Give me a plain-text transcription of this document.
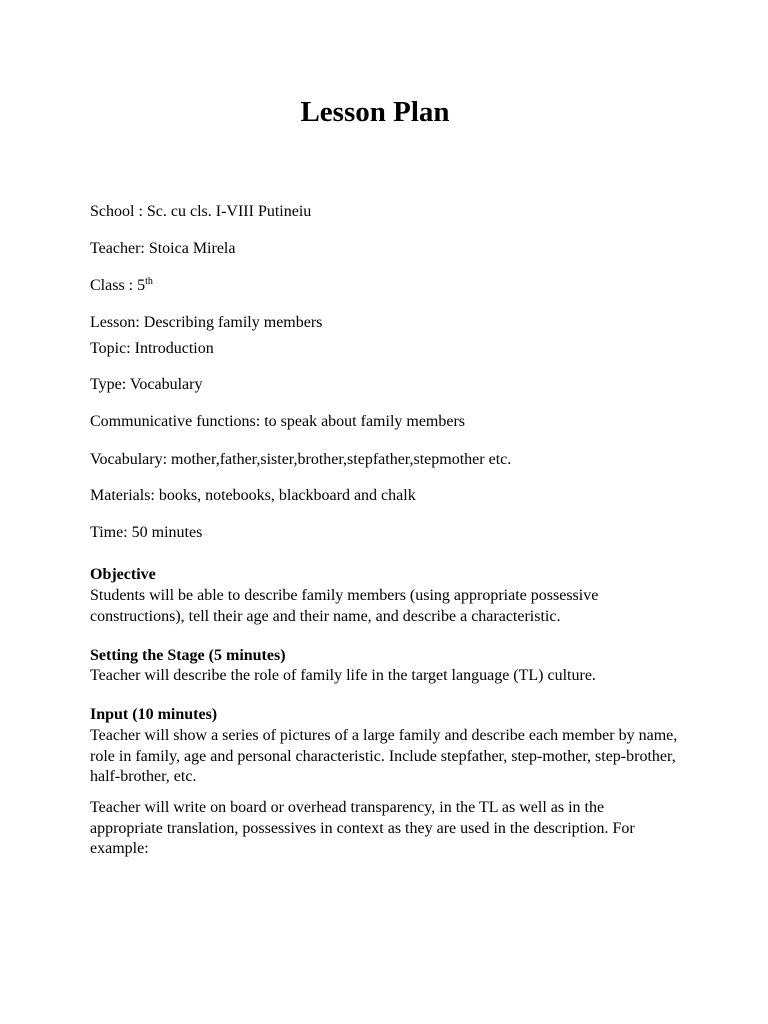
Lesson Plan
School : Sc. cu cls. I-VIII Putineiu
Teacher: Stoica Mirela
Class : 5th
Lesson: Describing family members
Topic: Introduction
Type: Vocabulary
Communicative functions: to speak about family members
Vocabulary: mother,father,sister,brother,stepfather,stepmother etc.
Materials: books, notebooks, blackboard and chalk
Time: 50 minutes
Objective
Students will be able to describe family members (using appropriate possessive constructions), tell their age and their name, and describe a characteristic.
Setting the Stage (5 minutes)
Teacher will describe the role of family life in the target language (TL) culture.
Input (10 minutes)
Teacher will show a series of pictures of a large family and describe each member by name, role in family, age and personal characteristic. Include stepfather, step-mother, step-brother, half-brother, etc.
Teacher will write on board or overhead transparency, in the TL as well as in the appropriate translation, possessives in context as they are used in the description. For example:
